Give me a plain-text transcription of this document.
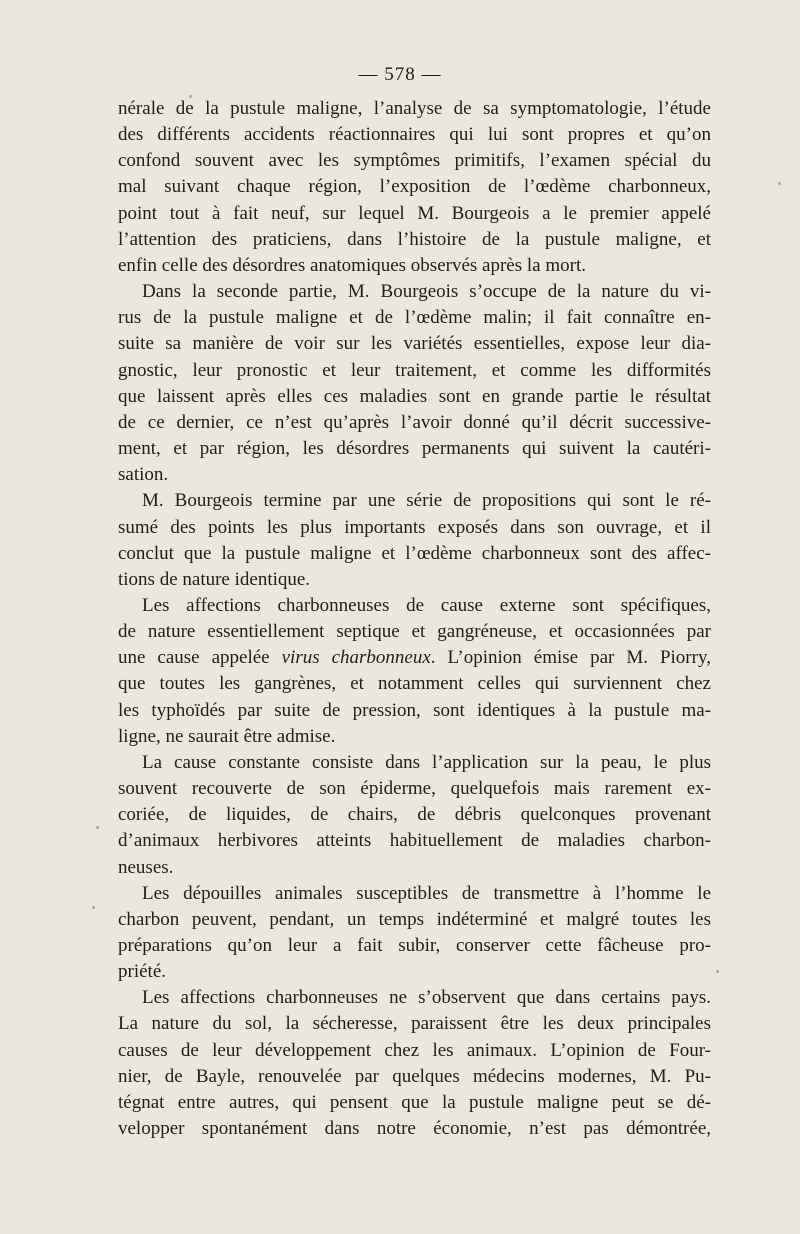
— 578 —
nérale de la pustule maligne, l’analyse de sa symptomatologie, l’étude
des différents accidents réactionnaires qui lui sont propres et qu’on
confond souvent avec les symptômes primitifs, l’examen spécial du
mal suivant chaque région, l’exposition de l’œdème charbonneux,
point tout à fait neuf, sur lequel M. Bourgeois a le premier appelé
l’attention des praticiens, dans l’histoire de la pustule maligne, et
enfin celle des désordres anatomiques observés après la mort.
Dans la seconde partie, M. Bourgeois s’occupe de la nature du vi-
rus de la pustule maligne et de l’œdème malin; il fait connaître en-
suite sa manière de voir sur les variétés essentielles, expose leur dia-
gnostic, leur pronostic et leur traitement, et comme les difformités
que laissent après elles ces maladies sont en grande partie le résultat
de ce dernier, ce n’est qu’après l’avoir donné qu’il décrit successive-
ment, et par région, les désordres permanents qui suivent la cautéri-
sation.
M. Bourgeois termine par une série de propositions qui sont le ré-
sumé des points les plus importants exposés dans son ouvrage, et il
conclut que la pustule maligne et l’œdème charbonneux sont des affec-
tions de nature identique.
Les affections charbonneuses de cause externe sont spécifiques,
de nature essentiellement septique et gangréneuse, et occasionnées par
une cause appelée virus charbonneux. L’opinion émise par M. Piorry,
que toutes les gangrènes, et notamment celles qui surviennent chez
les typhoïdés par suite de pression, sont identiques à la pustule ma-
ligne, ne saurait être admise.
La cause constante consiste dans l’application sur la peau, le plus
souvent recouverte de son épiderme, quelquefois mais rarement ex-
coriée, de liquides, de chairs, de débris quelconques provenant
d’animaux herbivores atteints habituellement de maladies charbon-
neuses.
Les dépouilles animales susceptibles de transmettre à l’homme le
charbon peuvent, pendant, un temps indéterminé et malgré toutes les
préparations qu’on leur a fait subir, conserver cette fâcheuse pro-
priété.
Les affections charbonneuses ne s’observent que dans certains pays.
La nature du sol, la sécheresse, paraissent être les deux principales
causes de leur développement chez les animaux. L’opinion de Four-
nier, de Bayle, renouvelée par quelques médecins modernes, M. Pu-
tégnat entre autres, qui pensent que la pustule maligne peut se dé-
velopper spontanément dans notre économie, n’est pas démontrée,
